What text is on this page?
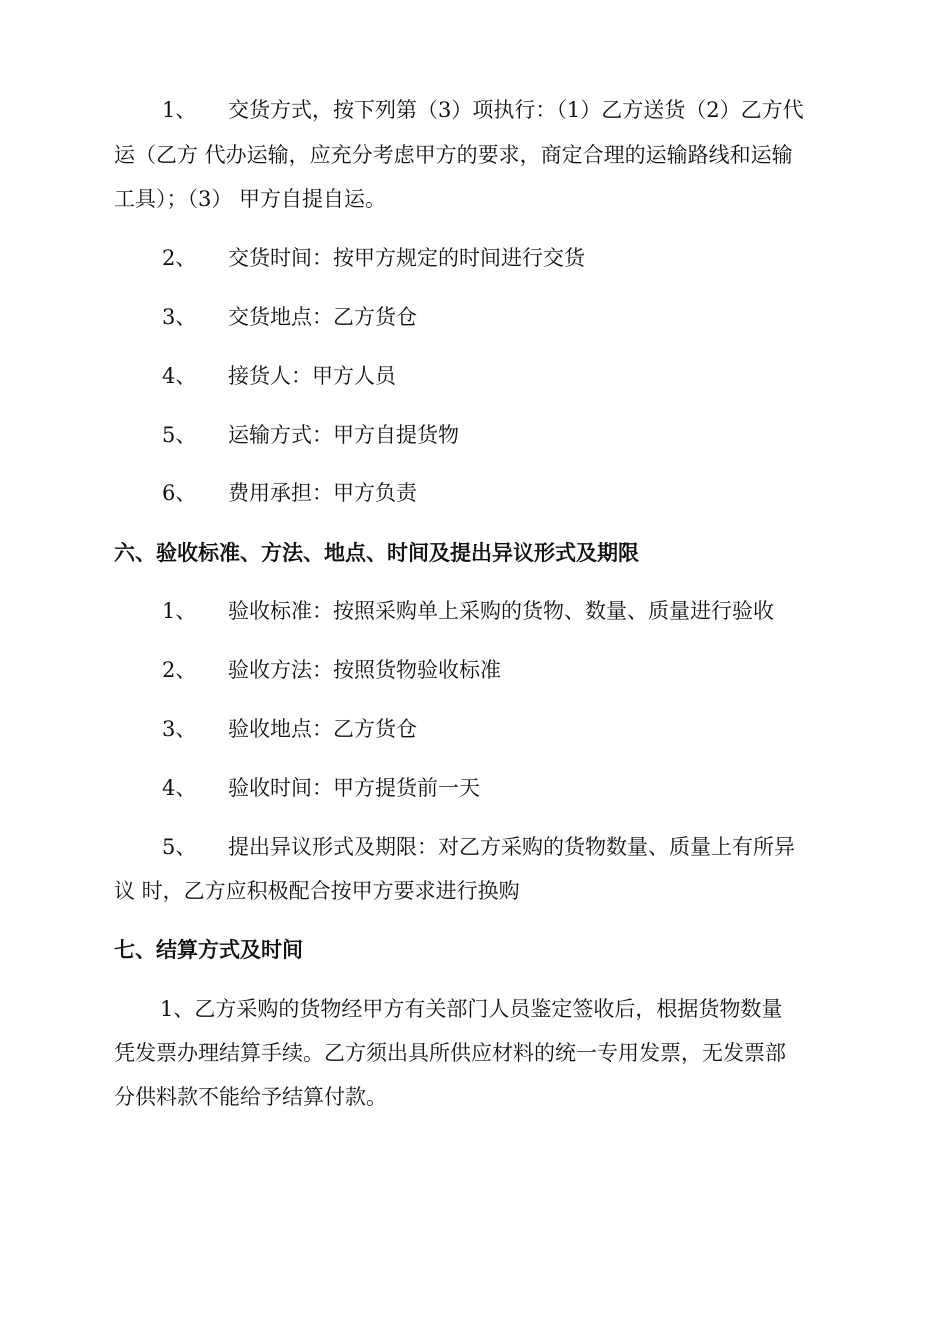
1、 交货方式，按下列第（3）项执行：（1）乙方送货（2）乙方代
运（乙方 代办运输，应充分考虑甲方的要求，商定合理的运输路线和运输
工具）；（3） 甲方自提自运。
2、 交货时间：按甲方规定的时间进行交货
3、 交货地点：乙方货仓
4、 接货人：甲方人员
5、 运输方式：甲方自提货物
6、 费用承担：甲方负责
六、验收标准、方法、地点、时间及提出异议形式及期限
1、 验收标准：按照采购单上采购的货物、数量、质量进行验收
2、 验收方法：按照货物验收标准
3、 验收地点：乙方货仓
4、 验收时间：甲方提货前一天
5、 提出异议形式及期限：对乙方采购的货物数量、质量上有所异
议 时，乙方应积极配合按甲方要求进行换购
七、结算方式及时间
1、乙方采购的货物经甲方有关部门人员鉴定签收后，根据货物数量
凭发票办理结算手续。乙方须出具所供应材料的统一专用发票，无发票部
分供料款不能给予结算付款。
